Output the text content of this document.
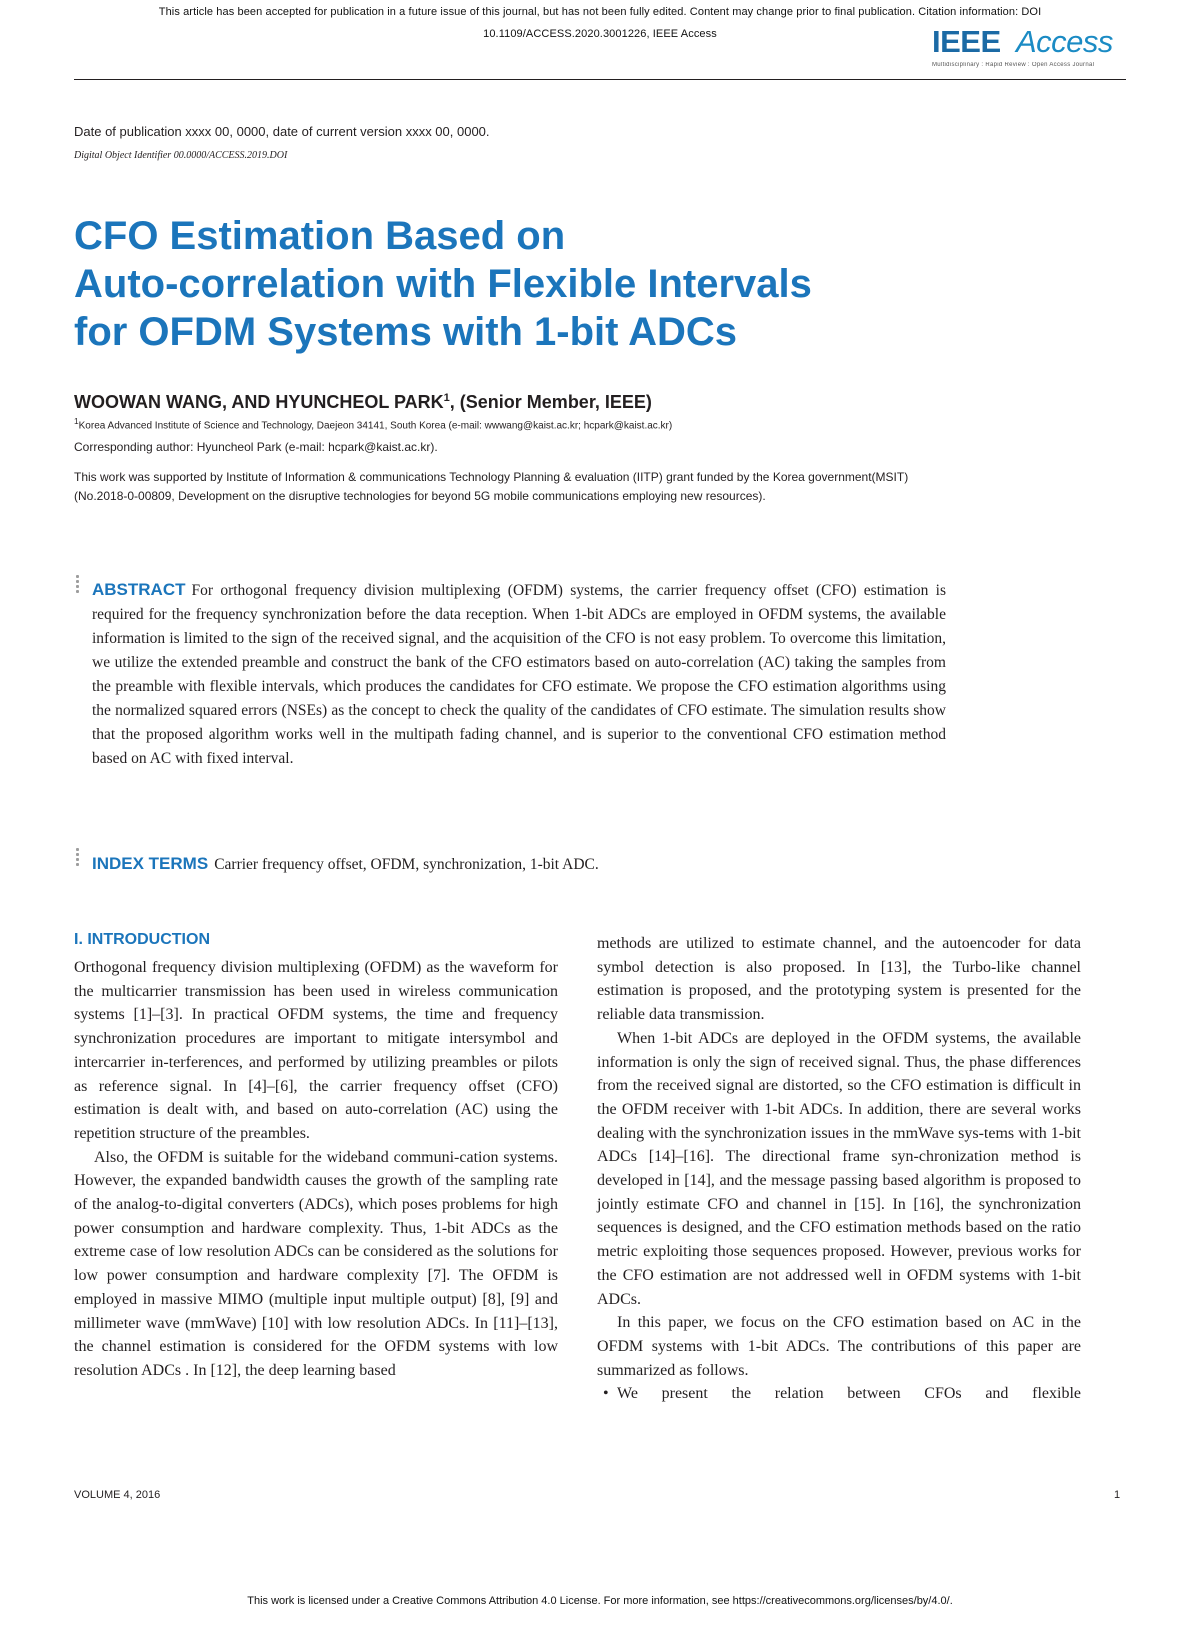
This article has been accepted for publication in a future issue of this journal, but has not been fully edited. Content may change prior to final publication. Citation information: DOI
10.1109/ACCESS.2020.3001226, IEEE Access	IEEE Access
Multidisciplinary : Rapid Review : Open Access Journal
Date of publication xxxx 00, 0000, date of current version xxxx 00, 0000.
Digital Object Identifier 00.0000/ACCESS.2019.DOI
CFO Estimation Based on
Auto-correlation with Flexible Intervals
for OFDM Systems with 1-bit ADCs
WOOWAN WANG, AND HYUNCHEOL PARK$^1$, (Senior Member, IEEE)
$^1$Korea Advanced Institute of Science and Technology, Daejeon 34141, South Korea (e-mail: wwwang@kaist.ac.kr; hcpark@kaist.ac.kr)
Corresponding author: Hyuncheol Park (e-mail: hcpark@kaist.ac.kr).
This work was supported by Institute of Information & communications Technology Planning & evaluation (IITP) grant funded by the Korea government(MSIT) (No.2018-0-00809, Development on the disruptive technologies for beyond 5G mobile communications employing new resources).
ABSTRACT For orthogonal frequency division multiplexing (OFDM) systems, the carrier frequency offset (CFO) estimation is required for the frequency synchronization before the data reception. When 1-bit ADCs are employed in OFDM systems, the available information is limited to the sign of the received signal, and the acquisition of the CFO is not easy problem. To overcome this limitation, we utilize the extended preamble and construct the bank of the CFO estimators based on auto-correlation (AC) taking the samples from the preamble with flexible intervals, which produces the candidates for CFO estimate. We propose the CFO estimation algorithms using the normalized squared errors (NSEs) as the concept to check the quality of the candidates of CFO estimate. The simulation results show that the proposed algorithm works well in the multipath fading channel, and is superior to the conventional CFO estimation method based on AC with fixed interval.
INDEX TERMS Carrier frequency offset, OFDM, synchronization, 1-bit ADC.
I. INTRODUCTION

Orthogonal frequency division multiplexing (OFDM) as the waveform for the multicarrier transmission has been used in wireless communication systems [1]–[3]. In practical OFDM systems, the time and frequency synchronization procedures are important to mitigate intersymbol and intercarrier in-terferences, and performed by utilizing preambles or pilots as reference signal. In [4]–[6], the carrier frequency offset (CFO) estimation is dealt with, and based on auto-correlation (AC) using the repetition structure of the preambles.

Also, the OFDM is suitable for the wideband communi-cation systems. However, the expanded bandwidth causes the growth of the sampling rate of the analog-to-digital converters (ADCs), which poses problems for high power consumption and hardware complexity. Thus, 1-bit ADCs as the extreme case of low resolution ADCs can be considered as the solutions for low power consumption and hardware complexity [7]. The OFDM is employed in massive MIMO (multiple input multiple output) [8], [9] and millimeter wave (mmWave) [10] with low resolution ADCs. In [11]–[13], the channel estimation is considered for the OFDM systems with low resolution ADCs . In [12], the deep learning based

methods are utilized to estimate channel, and the autoencoder for data symbol detection is also proposed. In [13], the Turbo-like channel estimation is proposed, and the prototyping system is presented for the reliable data transmission.

When 1-bit ADCs are deployed in the OFDM systems, the available information is only the sign of received signal. Thus, the phase differences from the received signal are distorted, so the CFO estimation is difficult in the OFDM receiver with 1-bit ADCs. In addition, there are several works dealing with the synchronization issues in the mmWave sys-tems with 1-bit ADCs [14]–[16]. The directional frame syn-chronization method is developed in [14], and the message passing based algorithm is proposed to jointly estimate CFO and channel in [15]. In [16], the synchronization sequences is designed, and the CFO estimation methods based on the ratio metric exploiting those sequences proposed. However, previous works for the CFO estimation are not addressed well in OFDM systems with 1-bit ADCs.

In this paper, we focus on the CFO estimation based on AC in the OFDM systems with 1-bit ADCs. The contributions of this paper are summarized as follows.

• We present the relation between CFOs and flexible
VOLUME 4, 2016	1
This work is licensed under a Creative Commons Attribution 4.0 License. For more information, see https://creativecommons.org/licenses/by/4.0/.
